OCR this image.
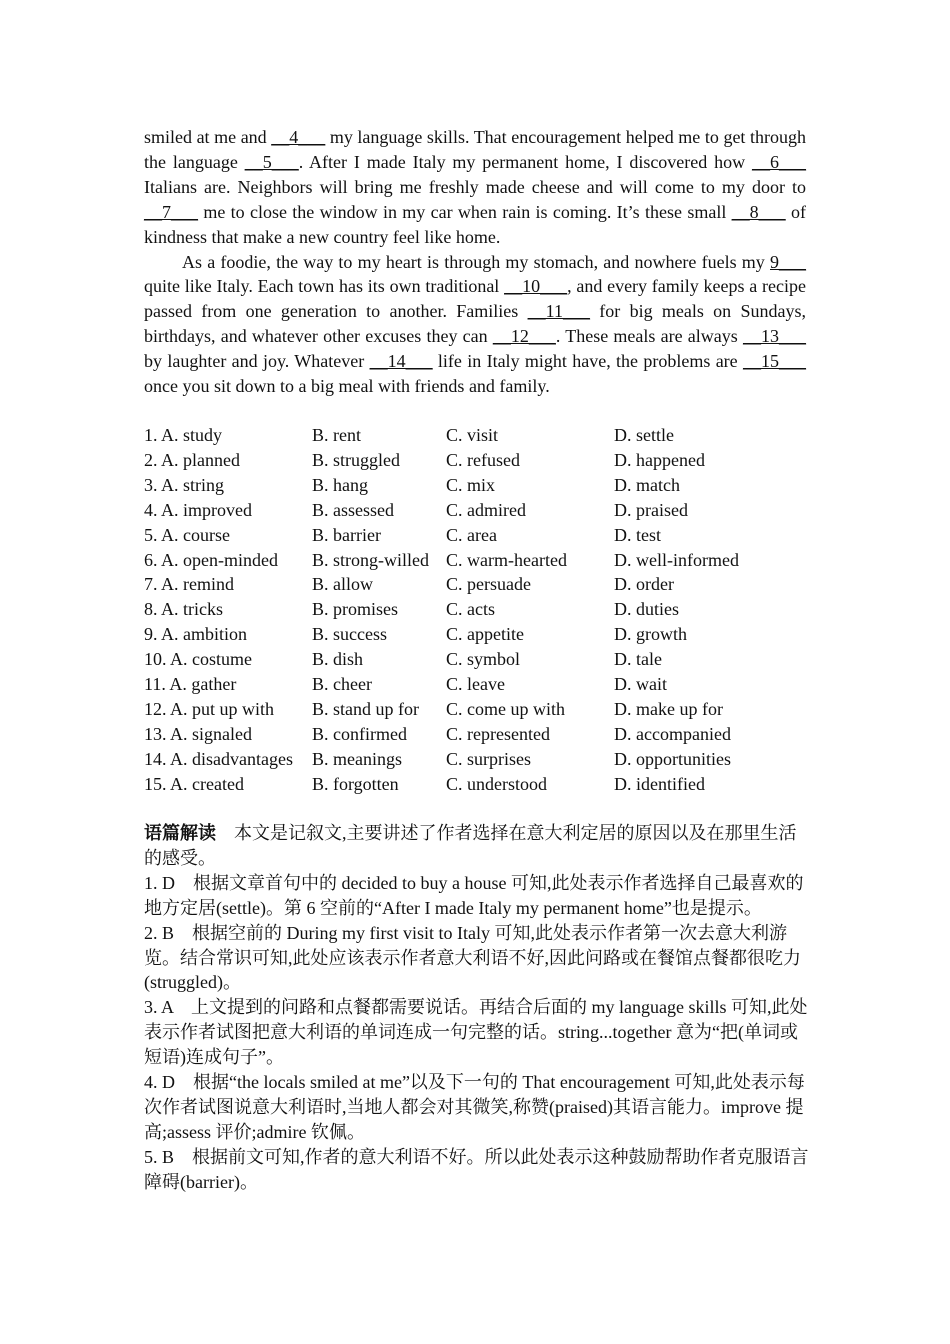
smiled at me and __4___ my language skills. That encouragement helped me to get through the language __5___. After I made Italy my permanent home, I discovered how __6___ Italians are. Neighbors will bring me freshly made cheese and will come to my door to __7___ me to close the window in my car when rain is coming. It’s these small __8___ of kindness that make a new country feel like home.

As a foodie, the way to my heart is through my stomach, and nowhere fuels my 9___ quite like Italy. Each town has its own traditional __10___, and every family keeps a recipe passed from one generation to another. Families __11___ for big meals on Sundays, birthdays, and whatever other excuses they can __12___. These meals are always __13___ by laughter and joy. Whatever __14___ life in Italy might have, the problems are __15___ once you sit down to a big meal with friends and family.

1. A. study	B. rent	C. visit	D. settle
2. A. planned	B. struggled	C. refused	D. happened
3. A. string	B. hang	C. mix	D. match
4. A. improved	B. assessed	C. admired	D. praised
5. A. course	B. barrier	C. area	D. test
6. A. open-minded	B. strong-willed C. warm-hearted	D. well-informed
7. A. remind	B. allow	C. persuade	D. order
8. A. tricks	B. promises	C. acts	D. duties
9. A. ambition	B. success	C. appetite	D. growth
10. A. costume	B. dish	C. symbol	D. tale
11. A. gather	B. cheer	C. leave	D. wait
12. A. put up with	B. stand up for	C. come up with	D. make up for
13. A. signaled	B. confirmed	C. represented	D. accompanied
14. A. disadvantages	B. meanings	C. surprises	D. opportunities
15. A. created	B. forgotten	C. understood	D. identified

语篇解读　本文是记叙文,主要讲述了作者选择在意大利定居的原因以及在那里生活的感受。

1. D　根据文章首句中的 decided to buy a house 可知,此处表示作者选择自己最喜欢的地方定居(settle)。第 6 空前的“After I made Italy my permanent home”也是提示。

2. B　根据空前的 During my first visit to Italy 可知,此处表示作者第一次去意大利游览。结合常识可知,此处应该表示作者意大利语不好,因此问路或在餐馆点餐都很吃力(struggled)。

3. A　上文提到的问路和点餐都需要说话。再结合后面的 my language skills 可知,此处表示作者试图把意大利语的单词连成一句完整的话。string...together 意为“把(单词或短语)连成句子”。

4. D　根据“the locals smiled at me”以及下一句的 That encouragement 可知,此处表示每次作者试图说意大利语时,当地人都会对其微笑,称赞(praised)其语言能力。improve 提高;assess 评价;admire 钦佩。

5. B　根据前文可知,作者的意大利语不好。所以此处表示这种鼓励帮助作者克服语言障碍(barrier)。
